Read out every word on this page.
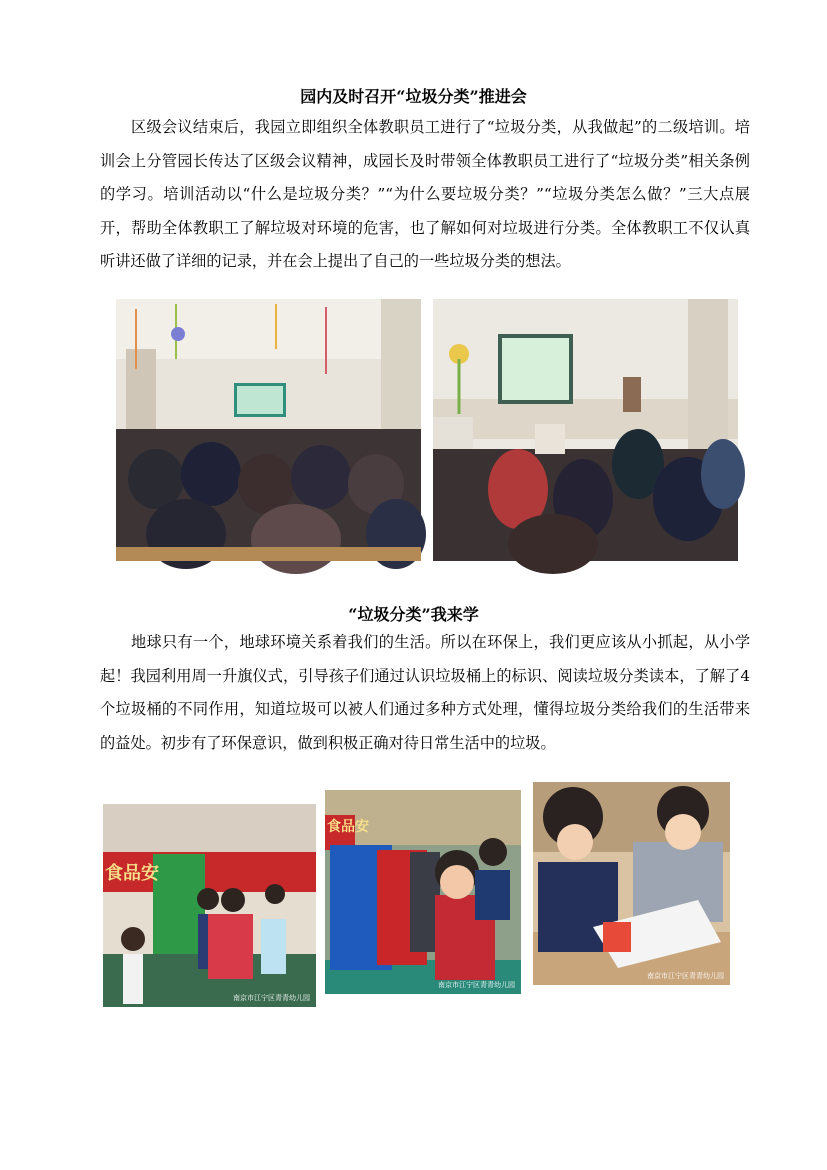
园内及时召开“垃圾分类”推进会

区级会议结束后，我园立即组织全体教职员工进行了“垃圾分类，从我做起”的二级培训。培训会上分管园长传达了区级会议精神，成园长及时带领全体教职员工进行了“垃圾分类”相关条例的学习。培训活动以“什么是垃圾分类？”“为什么要垃圾分类？”“垃圾分类怎么做？”三大点展开，帮助全体教职工了解垃圾对环境的危害，也了解如何对垃圾进行分类。全体教职工不仅认真听讲还做了详细的记录，并在会上提出了自己的一些垃圾分类的想法。

“垃圾分类”我来学

地球只有一个，地球环境关系着我们的生活。所以在环保上，我们更应该从小抓起，从小学起！我园利用周一升旗仪式，引导孩子们通过认识垃圾桶上的标识、阅读垃圾分类读本，了解了4个垃圾桶的不同作用，知道垃圾可以被人们通过多种方式处理，懂得垃圾分类给我们的生活带来的益处。初步有了环保意识，做到积极正确对待日常生活中的垃圾。

南京市江宁区青青幼儿园
食品安
南京市江宁区青青幼儿园
食品安
南京市江宁区青青幼儿园
